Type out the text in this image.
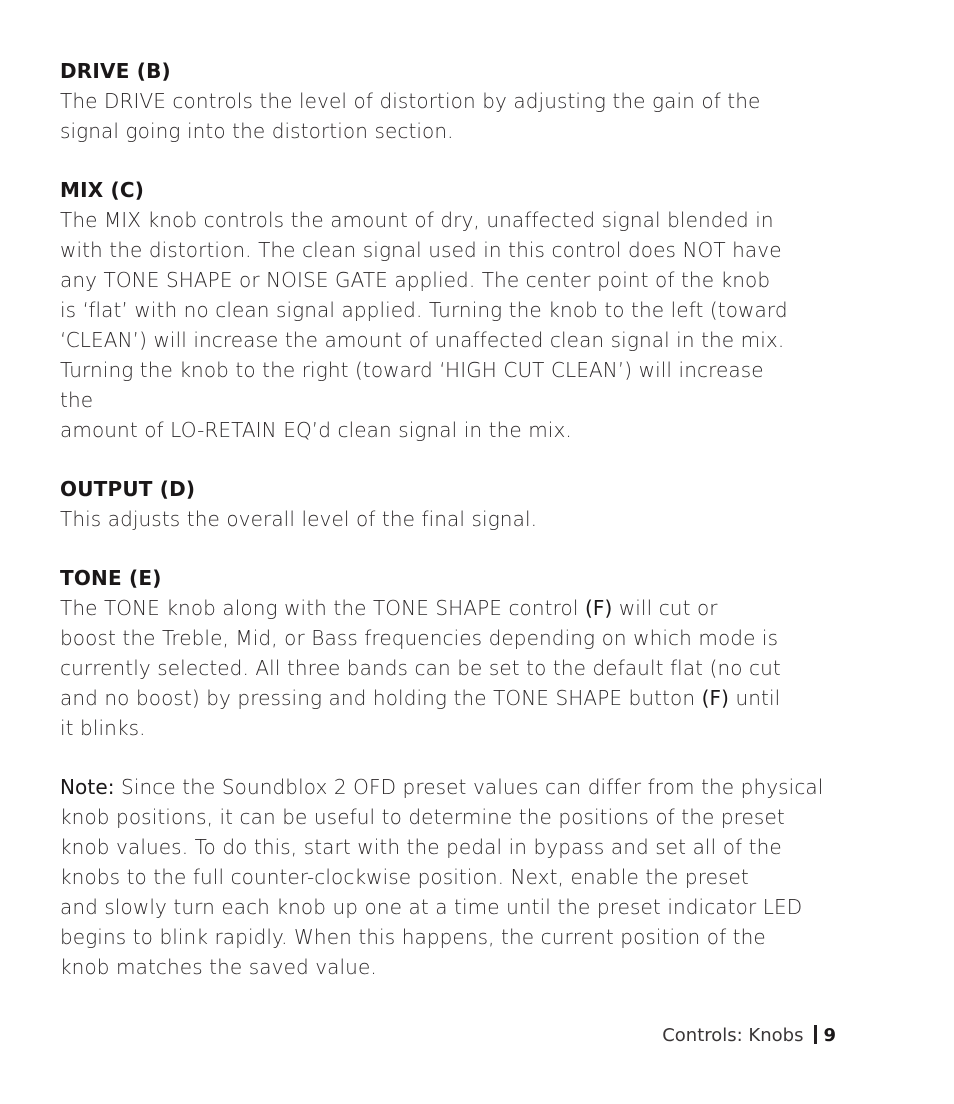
DRIVE (B)

The DRIVE controls the level of distortion by adjusting the gain of the
signal going into the distortion section.

MIX (C)

The MIX knob controls the amount of dry, unaffected signal blended in
with the distortion. The clean signal used in this control does NOT have
any TONE SHAPE or NOISE GATE applied. The center point of the knob
is ‘flat’ with no clean signal applied. Turning the knob to the left (toward
‘CLEAN’) will increase the amount of unaffected clean signal in the mix.
Turning the knob to the right (toward ‘HIGH CUT CLEAN’) will increase
the
amount of LO-RETAIN EQ’d clean signal in the mix.

OUTPUT (D)

This adjusts the overall level of the final signal.

TONE (E)

The TONE knob along with the TONE SHAPE control (F) will cut or
boost the Treble, Mid, or Bass frequencies depending on which mode is
currently selected. All three bands can be set to the default flat (no cut
and no boost) by pressing and holding the TONE SHAPE button (F) until
it blinks.

Note: Since the Soundblox 2 OFD preset values can differ from the physical
knob positions, it can be useful to determine the positions of the preset
knob values. To do this, start with the pedal in bypass and set all of the
knobs to the full counter-clockwise position. Next, enable the preset
and slowly turn each knob up one at a time until the preset indicator LED
begins to blink rapidly. When this happens, the current position of the
knob matches the saved value.

Controls: Knobs 9
